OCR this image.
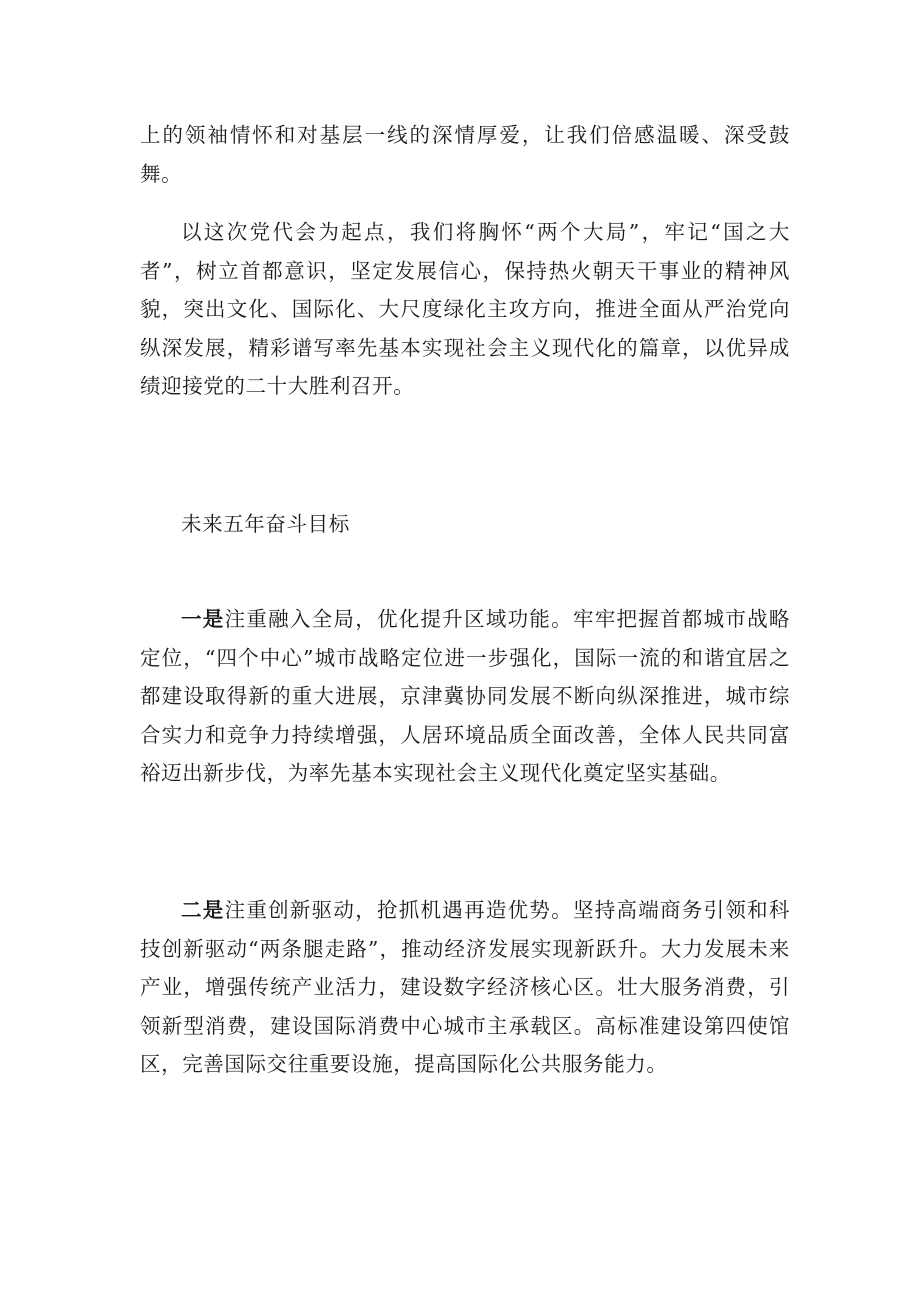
上的领袖情怀和对基层一线的深情厚爱，让我们倍感温暖、深受鼓舞。

以这次党代会为起点，我们将胸怀“两个大局”，牢记“国之大者”，树立首都意识，坚定发展信心，保持热火朝天干事业的精神风貌，突出文化、国际化、大尺度绿化主攻方向，推进全面从严治党向纵深发展，精彩谱写率先基本实现社会主义现代化的篇章，以优异成绩迎接党的二十大胜利召开。

未来五年奋斗目标

一是注重融入全局，优化提升区域功能。牢牢把握首都城市战略定位，“四个中心”城市战略定位进一步强化，国际一流的和谐宜居之都建设取得新的重大进展，京津冀协同发展不断向纵深推进，城市综合实力和竞争力持续增强，人居环境品质全面改善，全体人民共同富裕迈出新步伐，为率先基本实现社会主义现代化奠定坚实基础。

二是注重创新驱动，抢抓机遇再造优势。坚持高端商务引领和科技创新驱动“两条腿走路”，推动经济发展实现新跃升。大力发展未来产业，增强传统产业活力，建设数字经济核心区。壮大服务消费，引领新型消费，建设国际消费中心城市主承载区。高标准建设第四使馆区，完善国际交往重要设施，提高国际化公共服务能力。
